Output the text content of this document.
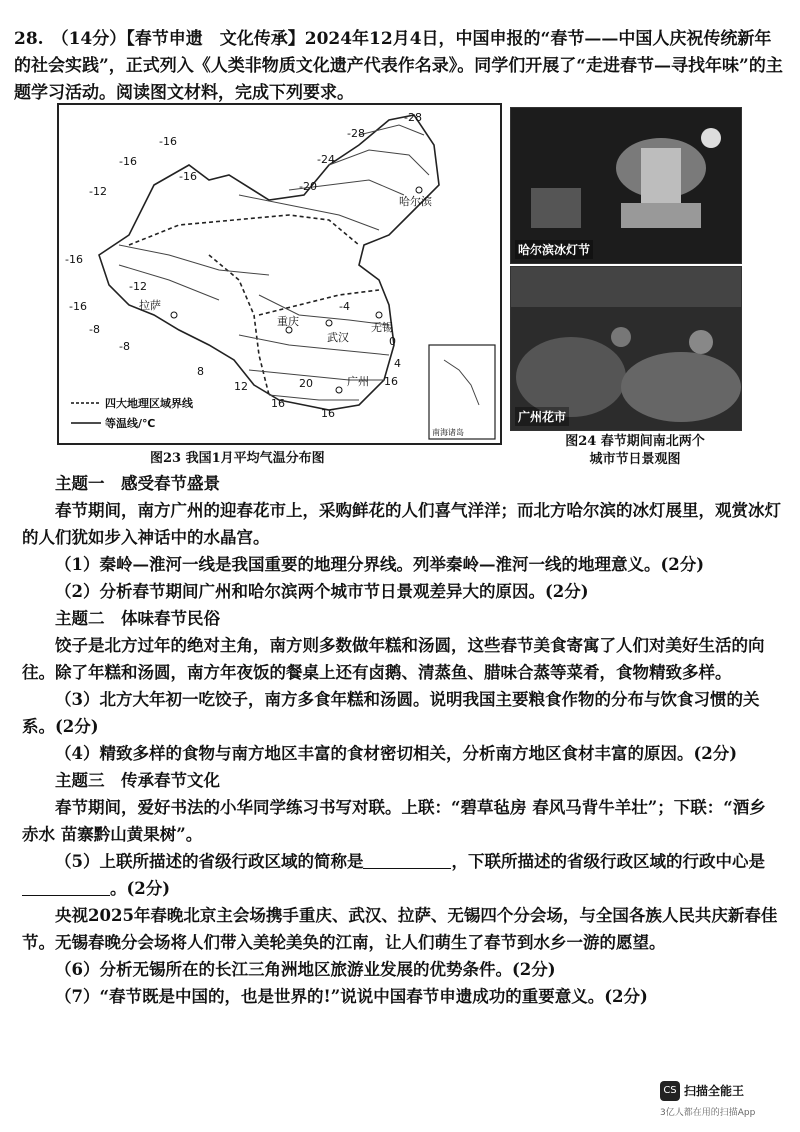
28. （14分）【春节申遗　文化传承】2024年12月4日，中国申报的“春节——中国人庆祝传统新年的社会实践”，正式列入《人类非物质文化遗产代表作名录》。同学们开展了“走进春节—寻找年味”的主题学习活动。阅读图文材料，完成下列要求。
-28
-28
-24
-20
-16
-16
-16
-12
-16
-16
-12
-8
-8
-4
0
4
8
12	16
20
16
16
哈尔滨
拉萨
重庆
武汉
无锡
广州
四大地理区域界线
等温线/℃
南海诸岛
图23 我国1月平均气温分布图
哈尔滨冰灯节
广州花市
图24 春节期间南北两个
城市节日景观图

主题一　感受春节盛景

春节期间，南方广州的迎春花市上，采购鲜花的人们喜气洋洋；而北方哈尔滨的冰灯展里，观赏冰灯的人们犹如步入神话中的水晶宫。

（1）秦岭—淮河一线是我国重要的地理分界线。列举秦岭—淮河一线的地理意义。(2分)

（2）分析春节期间广州和哈尔滨两个城市节日景观差异大的原因。(2分)

主题二　体味春节民俗

饺子是北方过年的绝对主角，南方则多数做年糕和汤圆，这些春节美食寄寓了人们对美好生活的向往。除了年糕和汤圆，南方年夜饭的餐桌上还有卤鹅、清蒸鱼、腊味合蒸等菜肴，食物精致多样。

（3）北方大年初一吃饺子，南方多食年糕和汤圆。说明我国主要粮食作物的分布与饮食习惯的关系。(2分)

（4）精致多样的食物与南方地区丰富的食材密切相关，分析南方地区食材丰富的原因。(2分)

主题三　传承春节文化

春节期间，爱好书法的小华同学练习书写对联。上联：“碧草毡房 春风马背牛羊壮”；下联：“酒乡赤水 苗寨黔山黄果树”。

（5）上联所描述的省级行政区域的简称是	，下联所描述的省级行政区域的行政中心是。(2分)

央视2025年春晚北京主会场携手重庆、武汉、拉萨、无锡四个分会场，与全国各族人民共庆新春佳节。无锡春晚分会场将人们带入美轮美奂的江南，让人们萌生了春节到水乡一游的愿望。

（6）分析无锡所在的长江三角洲地区旅游业发展的优势条件。(2分)

（7）“春节既是中国的，也是世界的!”说说中国春节申遗成功的重要意义。(2分)

CS 扫描全能王
3亿人都在用的扫描App
